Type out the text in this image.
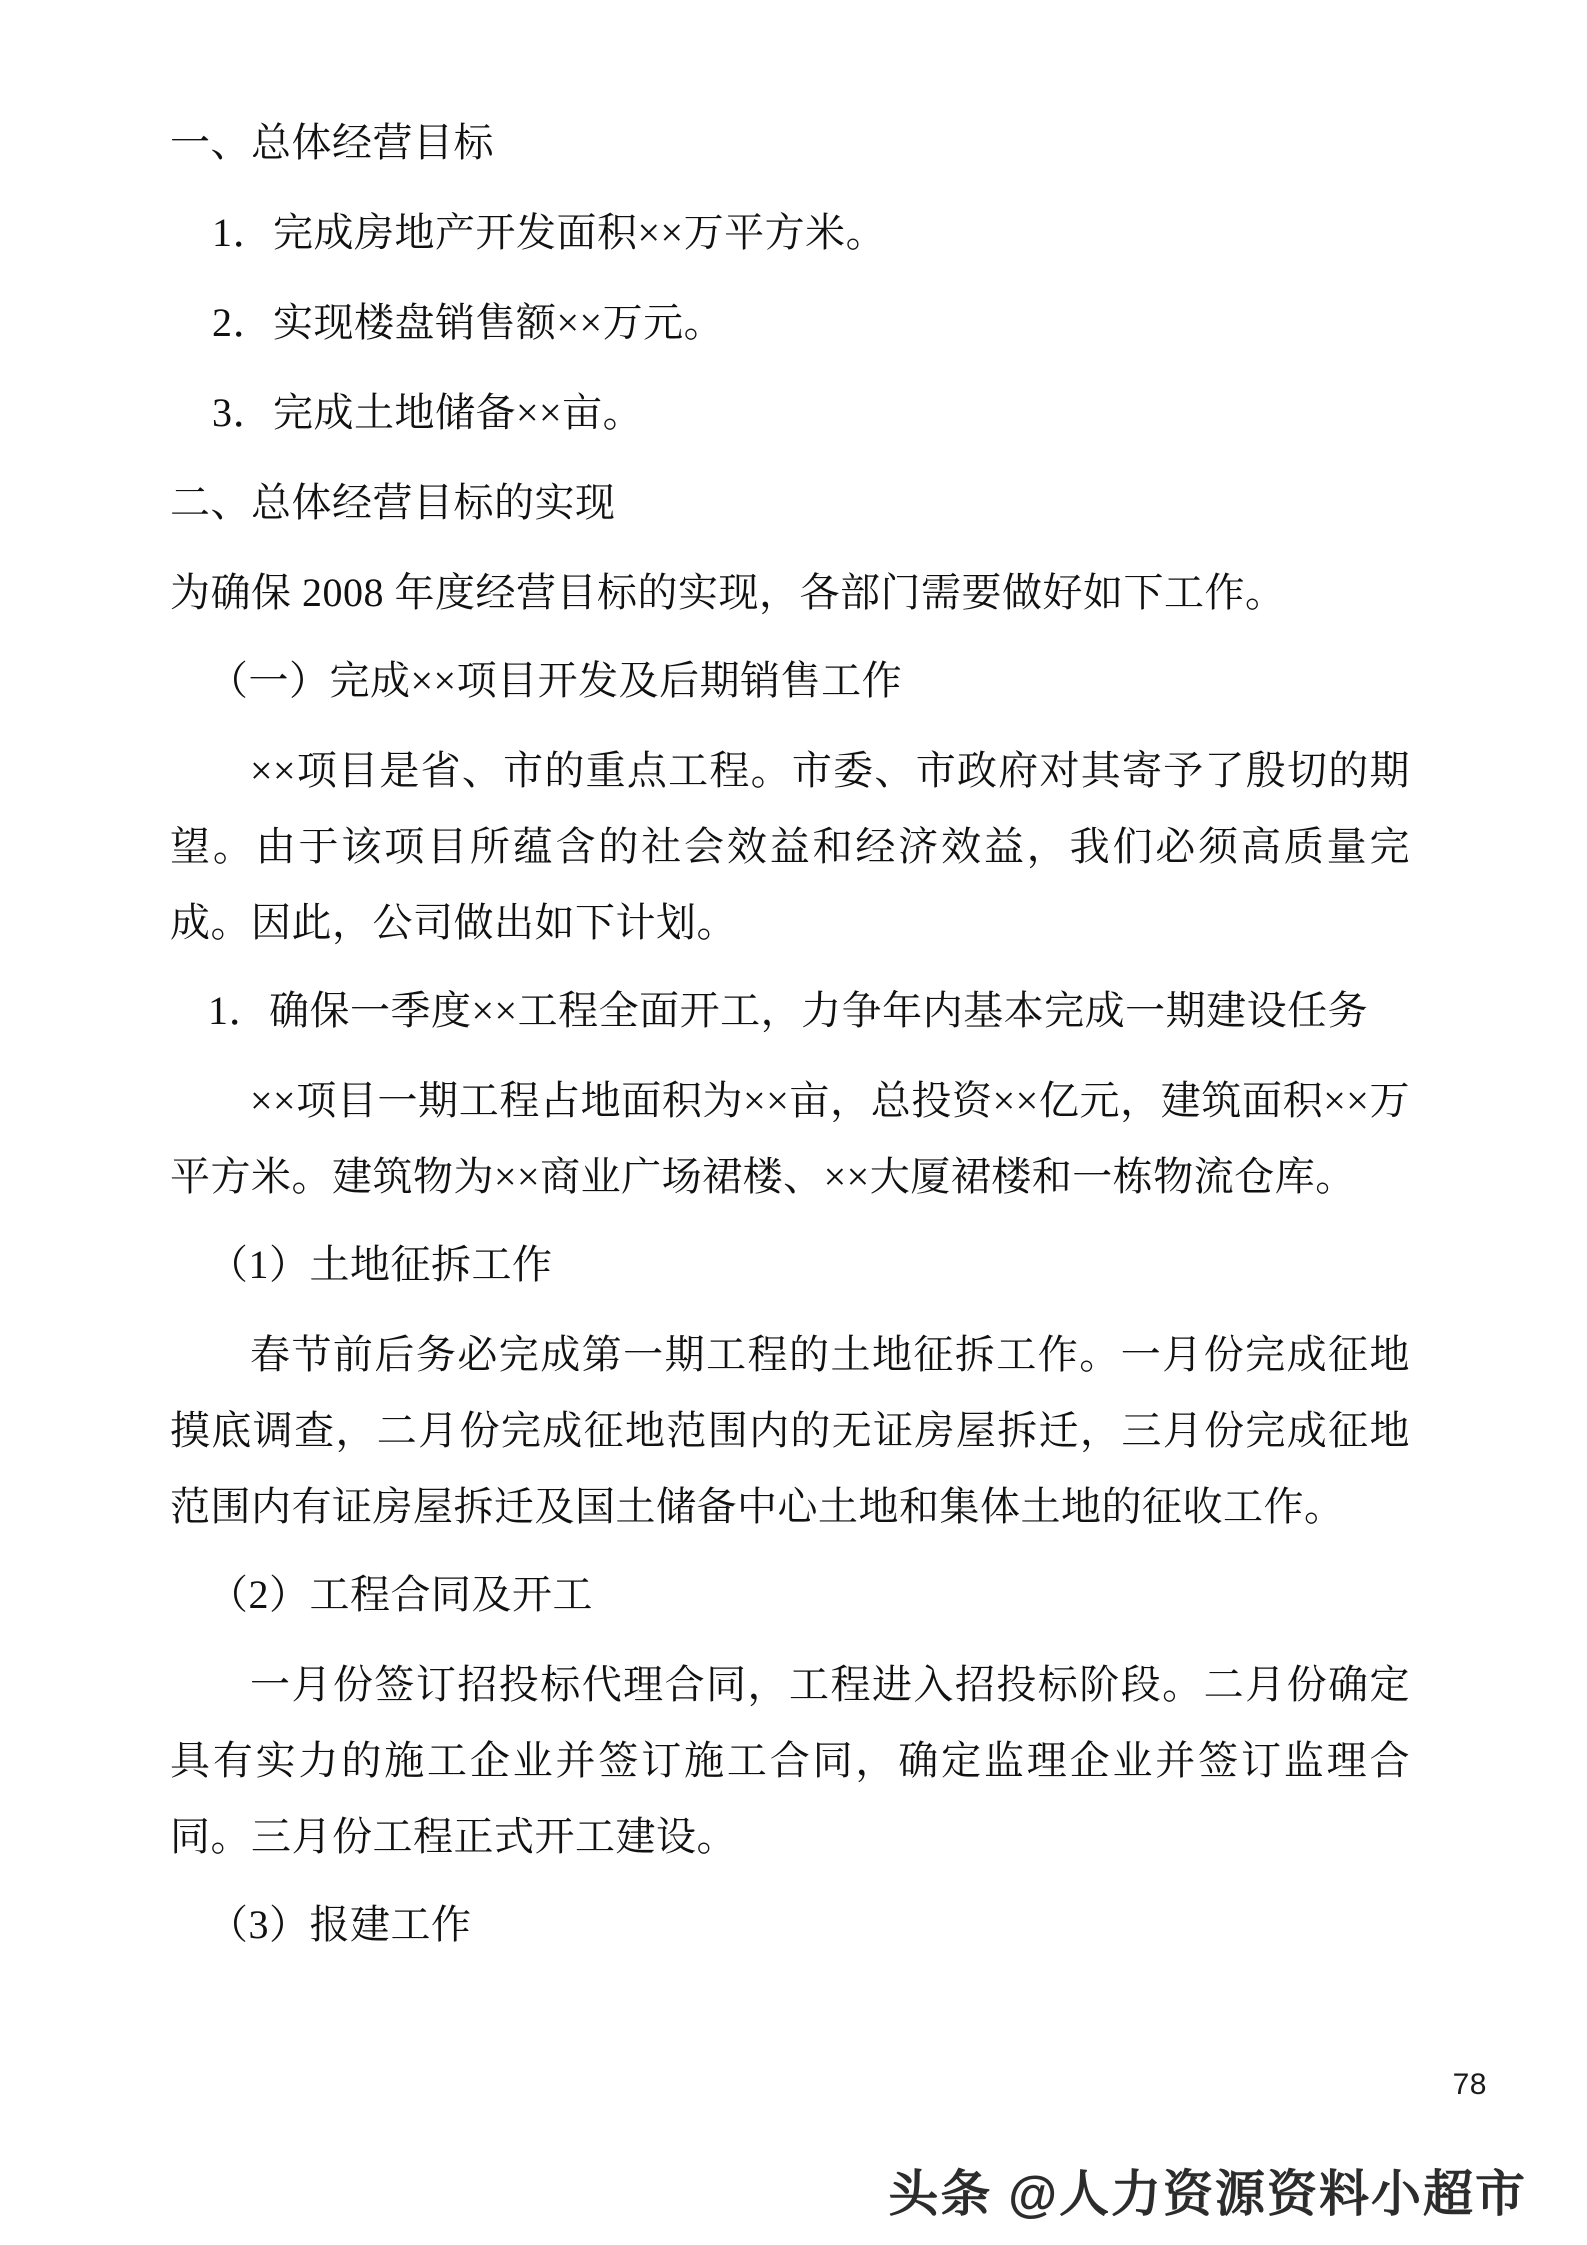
一、总体经营目标

1．完成房地产开发面积××万平方米。

2．实现楼盘销售额××万元。

3．完成土地储备××亩。

二、总体经营目标的实现

为确保 2008 年度经营目标的实现，各部门需要做好如下工作。

（一）完成××项目开发及后期销售工作

××项目是省、市的重点工程。市委、市政府对其寄予了殷切的期望。由于该项目所蕴含的社会效益和经济效益，我们必须高质量完成。因此，公司做出如下计划。

1．确保一季度××工程全面开工，力争年内基本完成一期建设任务

××项目一期工程占地面积为××亩，总投资××亿元，建筑面积××万平方米。建筑物为××商业广场裙楼、××大厦裙楼和一栋物流仓库。

（1）土地征拆工作

春节前后务必完成第一期工程的土地征拆工作。一月份完成征地摸底调查，二月份完成征地范围内的无证房屋拆迁，三月份完成征地范围内有证房屋拆迁及国土储备中心土地和集体土地的征收工作。

（2）工程合同及开工

一月份签订招投标代理合同，工程进入招投标阶段。二月份确定具有实力的施工企业并签订施工合同，确定监理企业并签订监理合同。三月份工程正式开工建设。

（3）报建工作

78
头条 @人力资源资料小超市
